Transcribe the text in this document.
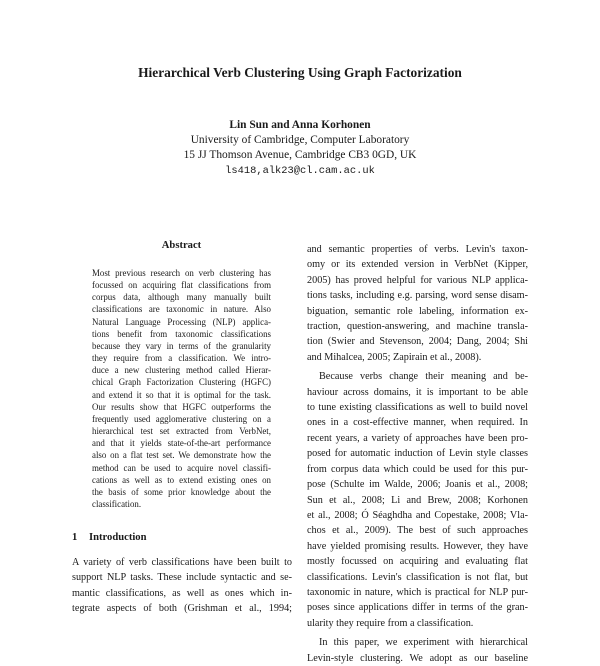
Hierarchical Verb Clustering Using Graph Factorization
Lin Sun and Anna Korhonen
University of Cambridge, Computer Laboratory
15 JJ Thomson Avenue, Cambridge CB3 0GD, UK
ls418,alk23@cl.cam.ac.uk
Abstract
Most previous research on verb clustering has
focussed on acquiring flat classifications from
corpus data, although many manually built
classifications are taxonomic in nature. Also
Natural Language Processing (NLP) applica-
tions benefit from taxonomic classifications
because they vary in terms of the granularity
they require from a classification. We intro-
duce a new clustering method called Hierar-
chical Graph Factorization Clustering (HGFC)
and extend it so that it is optimal for the task.
Our results show that HGFC outperforms the
frequently used agglomerative clustering on a
hierarchical test set extracted from VerbNet,
and that it yields state-of-the-art performance
also on a flat test set. We demonstrate how the
method can be used to acquire novel classifi-
cations as well as to extend existing ones on
the basis of some prior knowledge about the
classification.
1 Introduction
A variety of verb classifications have been built to
support NLP tasks. These include syntactic and se-
mantic classifications, as well as ones which in-
tegrate aspects of both (Grishman et al., 1994;
and semantic properties of verbs. Levin's taxon-
omy or its extended version in VerbNet (Kipper,
2005) has proved helpful for various NLP applica-
tions tasks, including e.g. parsing, word sense disam-
biguation, semantic role labeling, information ex-
traction, question-answering, and machine transla-
tion (Swier and Stevenson, 2004; Dang, 2004; Shi
and Mihalcea, 2005; Zapirain et al., 2008).
Because verbs change their meaning and be-
haviour across domains, it is important to be able
to tune existing classifications as well to build novel
ones in a cost-effective manner, when required. In
recent years, a variety of approaches have been pro-
posed for automatic induction of Levin style classes
from corpus data which could be used for this pur-
pose (Schulte im Walde, 2006; Joanis et al., 2008;
Sun et al., 2008; Li and Brew, 2008; Korhonen
et al., 2008; Ó Séaghdha and Copestake, 2008; Vla-
chos et al., 2009). The best of such approaches
have yielded promising results. However, they have
mostly focussed on acquiring and evaluating flat
classifications. Levin's classification is not flat, but
taxonomic in nature, which is practical for NLP pur-
poses since applications differ in terms of the gran-
ularity they require from a classification.
In this paper, we experiment with hierarchical
Levin-style clustering. We adopt as our baseline
